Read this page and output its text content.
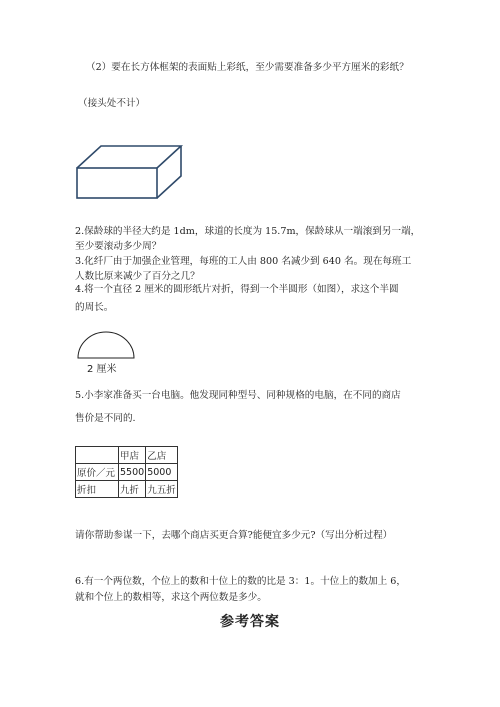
（2）要在长方体框架的表面贴上彩纸，至少需要准备多少平方厘米的彩纸？
（接头处不计）
2.保龄球的半径大约是 1dm，球道的长度为 15.7m，保龄球从一端滚到另一端，
至少要滚动多少周？
3.化纤厂由于加强企业管理，每班的工人由 800 名减少到 640 名。现在每班工
人数比原来减少了百分之几？
4.将一个直径 2 厘米的圆形纸片对折，得到一个半圆形（如图），求这个半圆
的周长。
2 厘米
5.小李家准备买一台电脑。他发现同种型号、同种规格的电脑，在不同的商店
售价是不同的.
	甲店	乙店
原价／元	5500	5000
折扣	九折	九五折
请你帮助参谋一下，去哪个商店买更合算?能便宜多少元?（写出分析过程）
6.有一个两位数，个位上的数和十位上的数的比是 3：1。十位上的数加上 6，
就和个位上的数相等，求这个两位数是多少。
参考答案
